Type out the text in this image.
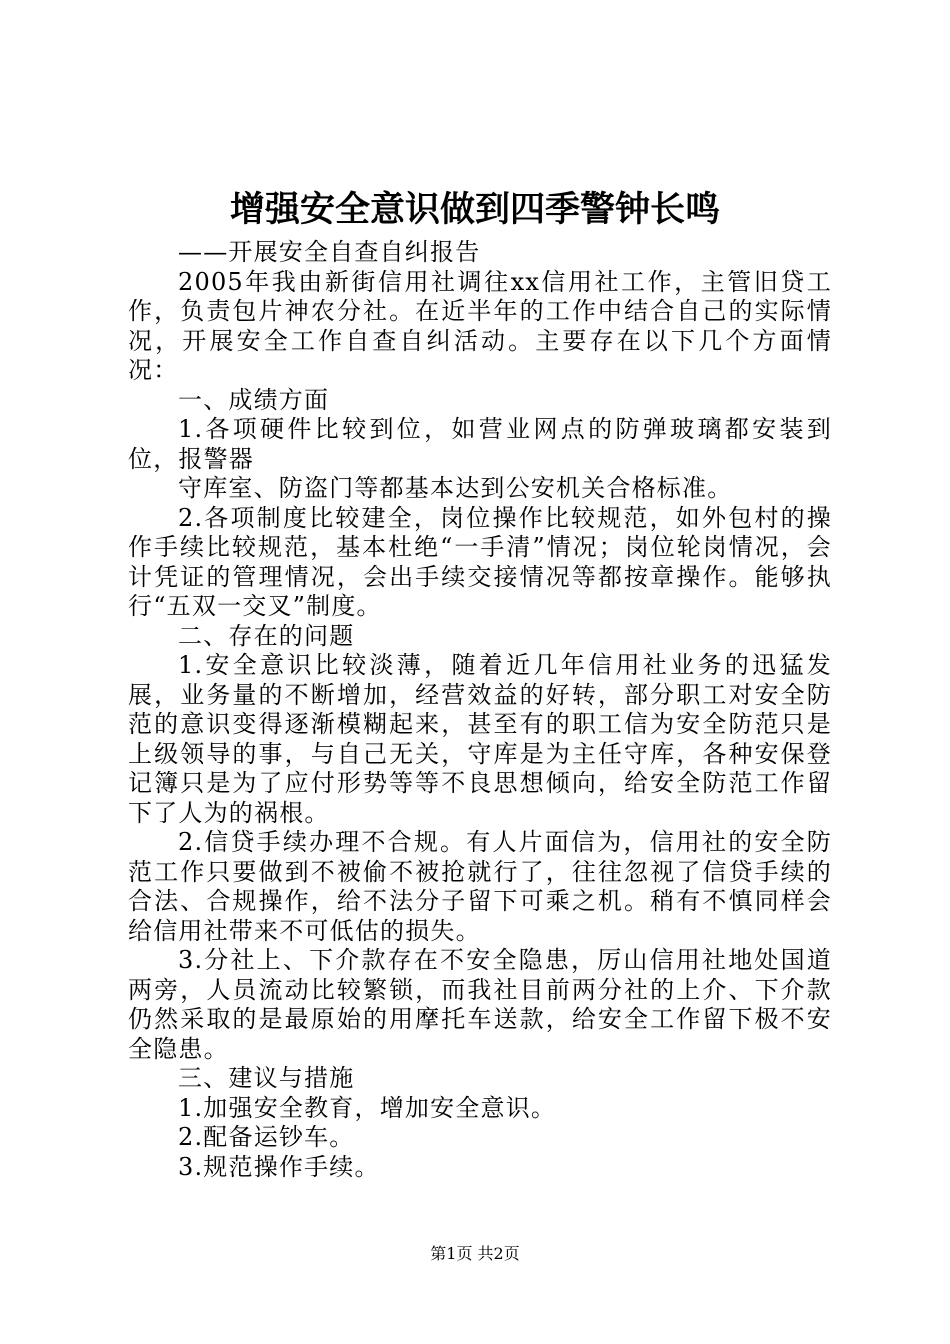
增强安全意识做到四季警钟长鸣

——开展安全自查自纠报告

2005年我由新街信用社调往xx信用社工作，主管旧贷工作，负责包片神农分社。在近半年的工作中结合自己的实际情况，开展安全工作自查自纠活动。主要存在以下几个方面情况：

一、成绩方面

1.各项硬件比较到位，如营业网点的防弹玻璃都安装到位，报警器

守库室、防盗门等都基本达到公安机关合格标准。

2.各项制度比较建全，岗位操作比较规范，如外包村的操作手续比较规范，基本杜绝“一手清”情况；岗位轮岗情况，会计凭证的管理情况，会出手续交接情况等都按章操作。能够执行“五双一交叉”制度。

二、存在的问题

1.安全意识比较淡薄，随着近几年信用社业务的迅猛发展，业务量的不断增加，经营效益的好转，部分职工对安全防范的意识变得逐渐模糊起来，甚至有的职工信为安全防范只是上级领导的事，与自己无关，守库是为主任守库，各种安保登记簿只是为了应付形势等等不良思想倾向，给安全防范工作留下了人为的祸根。

2.信贷手续办理不合规。有人片面信为，信用社的安全防范工作只要做到不被偷不被抢就行了，往往忽视了信贷手续的合法、合规操作，给不法分子留下可乘之机。稍有不慎同样会给信用社带来不可低估的损失。

3.分社上、下介款存在不安全隐患，厉山信用社地处国道两旁，人员流动比较繁锁，而我社目前两分社的上介、下介款仍然采取的是最原始的用摩托车送款，给安全工作留下极不安全隐患。

三、建议与措施

1.加强安全教育，增加安全意识。

2.配备运钞车。

3.规范操作手续。

第1页 共2页
